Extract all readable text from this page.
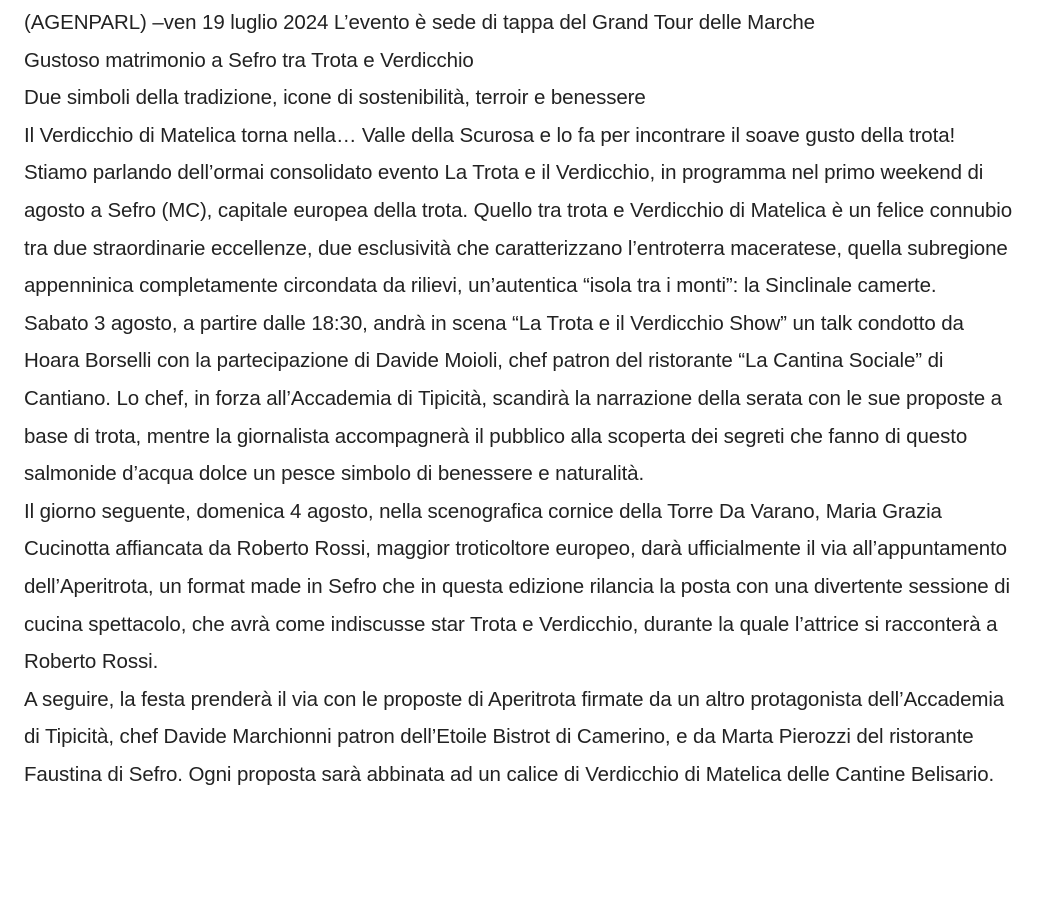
(AGENPARL) –ven 19 luglio 2024 L’evento è sede di tappa del Grand Tour delle Marche

Gustoso matrimonio a Sefro tra Trota e Verdicchio

Due simboli della tradizione, icone di sostenibilità, terroir e benessere

Il Verdicchio di Matelica torna nella… Valle della Scurosa e lo fa per incontrare il soave gusto della trota! Stiamo parlando dell’ormai consolidato evento La Trota e il Verdicchio, in programma nel primo weekend di agosto a Sefro (MC), capitale europea della trota. Quello tra trota e Verdicchio di Matelica è un felice connubio tra due straordinarie eccellenze, due esclusività che caratterizzano l’entroterra maceratese, quella subregione appenninica completamente circondata da rilievi, un’autentica “isola tra i monti”: la Sinclinale camerte.

Sabato 3 agosto, a partire dalle 18:30, andrà in scena “La Trota e il Verdicchio Show” un talk condotto da Hoara Borselli con la partecipazione di Davide Moioli, chef patron del ristorante “La Cantina Sociale” di Cantiano. Lo chef, in forza all’Accademia di Tipicità, scandirà la narrazione della serata con le sue proposte a base di trota, mentre la giornalista accompagnerà il pubblico alla scoperta dei segreti che fanno di questo salmonide d’acqua dolce un pesce simbolo di benessere e naturalità.

Il giorno seguente, domenica 4 agosto, nella scenografica cornice della Torre Da Varano, Maria Grazia Cucinotta affiancata da Roberto Rossi, maggior troticoltore europeo, darà ufficialmente il via all’appuntamento dell’Aperitrota, un format made in Sefro che in questa edizione rilancia la posta con una divertente sessione di cucina spettacolo, che avrà come indiscusse star Trota e Verdicchio, durante la quale l’attrice si racconterà a Roberto Rossi.

A seguire, la festa prenderà il via con le proposte di Aperitrota firmate da un altro protagonista dell’Accademia di Tipicità, chef Davide Marchionni patron dell’Etoile Bistrot di Camerino, e da Marta Pierozzi del ristorante Faustina di Sefro. Ogni proposta sarà abbinata ad un calice di Verdicchio di Matelica delle Cantine Belisario.
